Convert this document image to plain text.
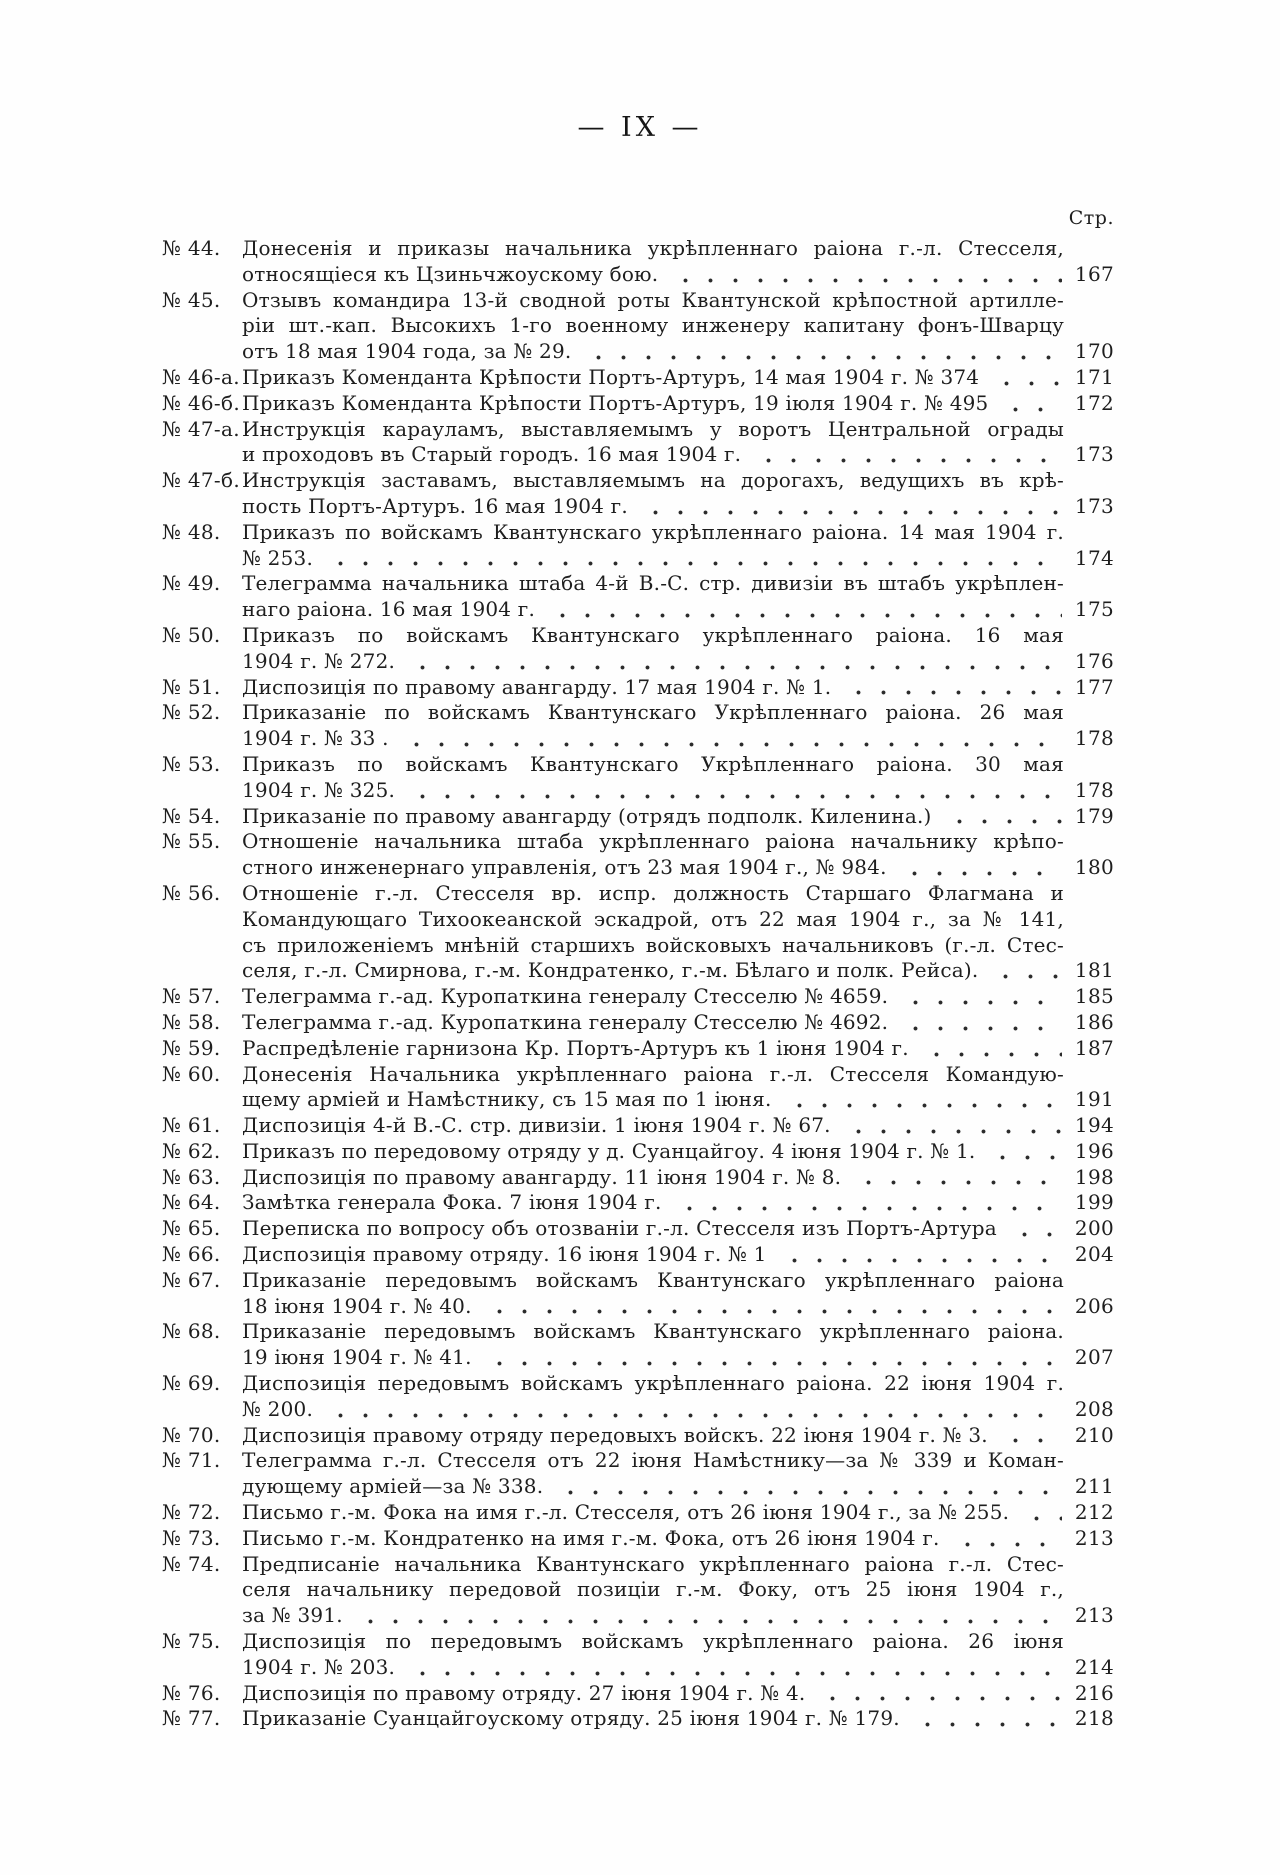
— IX —
Стр.
№ 44.	Донесенія и приказы начальника укрѣпленнаго раіона г.-л. Стесселя,
относящіеся къ Цзиньчжоускому бою.	167
№ 45.	Отзывъ командира 13-й сводной роты Квантунской крѣпостной артилле-
ріи шт.-кап. Высокихъ 1-го военному инженеру капитану фонъ-Шварцу
отъ 18 мая 1904 года, за № 29.	170
№ 46-а. Приказъ Коменданта Крѣпости Портъ-Артуръ, 14 мая 1904 г. № 374	171
№ 46-б. Приказъ Коменданта Крѣпости Портъ-Артуръ, 19 іюля 1904 г. № 495	172
№ 47-а. Инструкція карауламъ, выставляемымъ у воротъ Центральной ограды
и проходовъ въ Старый городъ. 16 мая 1904 г.	173
№ 47-б. Инструкція заставамъ, выставляемымъ на дорогахъ, ведущихъ въ крѣ-
пость Портъ-Артуръ. 16 мая 1904 г.	173
№ 48.	Приказъ по войскамъ Квантунскаго укрѣпленнаго раіона. 14 мая 1904 г.
№ 253.	174
№ 49.	Телеграмма начальника штаба 4-й В.-С. стр. дивизіи въ штабъ укрѣплен-
наго раіона. 16 мая 1904 г.	175
№ 50.	Приказъ по войскамъ Квантунскаго укрѣпленнаго раіона. 16 мая
1904 г. № 272.	176
№ 51.	Диспозиція по правому авангарду. 17 мая 1904 г. № 1.	177
№ 52.	Приказаніе по войскамъ Квантунскаго Укрѣпленнаго раіона. 26 мая
1904 г. № 33 .	178
№ 53.	Приказъ по войскамъ Квантунскаго Укрѣпленнаго раіона. 30 мая
1904 г. № 325.	178
№ 54.	Приказаніе по правому авангарду (отрядъ подполк. Киленина.)	179
№ 55.	Отношеніе начальника штаба укрѣпленнаго раіона начальнику крѣпо-
стного инженернаго управленія, отъ 23 мая 1904 г., № 984.	180
№ 56.	Отношеніе г.-л. Стесселя вр. испр. должность Старшаго Флагмана и
Командующаго Тихоокеанской эскадрой, отъ 22 мая 1904 г., за № 141,
съ приложеніемъ мнѣній старшихъ войсковыхъ начальниковъ (г.-л. Стес-
селя, г.-л. Смирнова, г.-м. Кондратенко, г.-м. Бѣлаго и полк. Рейса).	181
№ 57.	Телеграмма г.-ад. Куропаткина генералу Стесселю № 4659.	185
№ 58.	Телеграмма г.-ад. Куропаткина генералу Стесселю № 4692.	186
№ 59.	Распредѣленіе гарнизона Кр. Портъ-Артуръ къ 1 іюня 1904 г.	187
№ 60.	Донесенія Начальника укрѣпленнаго раіона г.-л. Стесселя Командую-
щему арміей и Намѣстнику, съ 15 мая по 1 іюня.	191
№ 61.	Диспозиція 4-й В.-С. стр. дивизіи. 1 іюня 1904 г. № 67.	194
№ 62.	Приказъ по передовому отряду у д. Суанцайгоу. 4 іюня 1904 г. № 1.	196
№ 63.	Диспозиція по правому авангарду. 11 іюня 1904 г. № 8.	198
№ 64.	Замѣтка генерала Фока. 7 іюня 1904 г.	199
№ 65.	Переписка по вопросу объ отозваніи г.-л. Стесселя изъ Портъ-Артура	200
№ 66.	Диспозиція правому отряду. 16 іюня 1904 г. № 1	204
№ 67.	Приказаніе передовымъ войскамъ Квантунскаго укрѣпленнаго раіона
18 іюня 1904 г. № 40.	206
№ 68.	Приказаніе передовымъ войскамъ Квантунскаго укрѣпленнаго раіона.
19 іюня 1904 г. № 41.	207
№ 69.	Диспозиція передовымъ войскамъ укрѣпленнаго раіона. 22 іюня 1904 г.
№ 200.	208
№ 70.	Диспозиція правому отряду передовыхъ войскъ. 22 іюня 1904 г. № 3.	210
№ 71.	Телеграмма г.-л. Стесселя отъ 22 іюня Намѣстнику—за № 339 и Коман-
дующему арміей—за № 338.	211
№ 72.	Письмо г.-м. Фока на имя г.-л. Стесселя, отъ 26 іюня 1904 г., за № 255.	212
№ 73.	Письмо г.-м. Кондратенко на имя г.-м. Фока, отъ 26 іюня 1904 г.	213
№ 74.	Предписаніе начальника Квантунскаго укрѣпленнаго раіона г.-л. Стес-
селя начальнику передовой позиціи г.-м. Фоку, отъ 25 іюня 1904 г.,
за № 391.	213
№ 75.	Диспозиція по передовымъ войскамъ укрѣпленнаго раіона. 26 іюня
1904 г. № 203.	214
№ 76.	Диспозиція по правому отряду. 27 іюня 1904 г. № 4.	216
№ 77.	Приказаніе Суанцайгоускому отряду. 25 іюня 1904 г. № 179.	218
